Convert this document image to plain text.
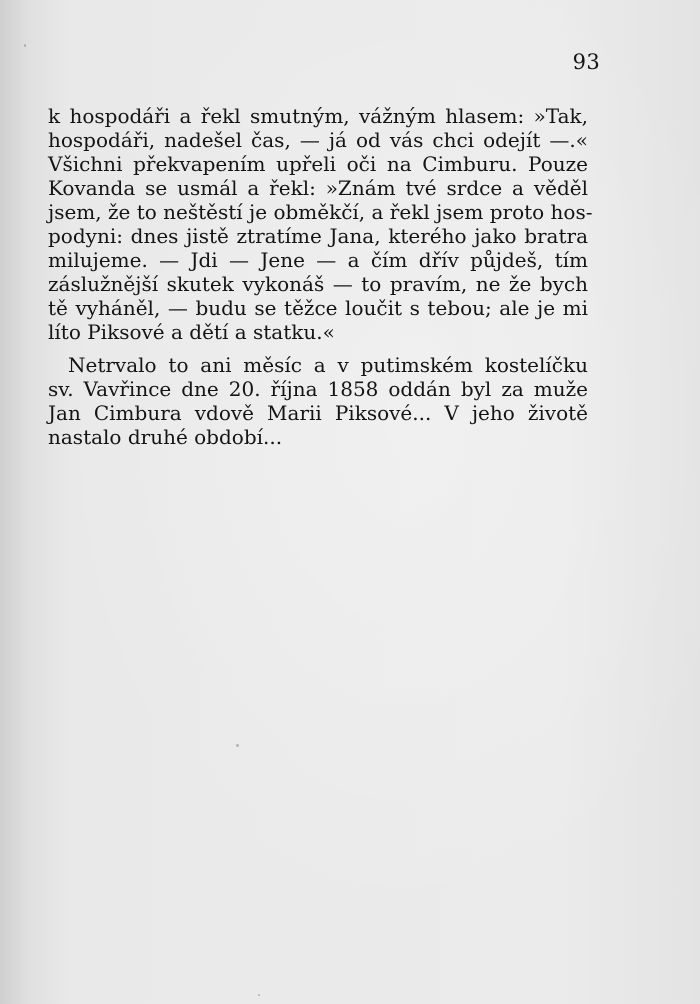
93
k hospodáři a řekl smutným, vážným hlasem: »Tak,
hospodáři, nadešel čas, — já od vás chci odejít —.«
Všichni překvapením upřeli oči na Cimburu. Pouze
Kovanda se usmál a řekl: »Znám tvé srdce a věděl
jsem, že to neštěstí je obměkčí, a řekl jsem proto hos-
podyni: dnes jistě ztratíme Jana, kterého jako bratra
milujeme. — Jdi — Jene — a čím dřív půjdeš, tím
záslužnější skutek vykonáš — to pravím, ne že bych
tě vyháněl, — budu se těžce loučit s tebou; ale je mi
líto Piksové a dětí a statku.«
Netrvalo to ani měsíc a v putimském kostelíčku
sv. Vavřince dne 20. října 1858 oddán byl za muže
Jan Cimbura vdově Marii Piksové... V jeho životě
nastalo druhé období...
